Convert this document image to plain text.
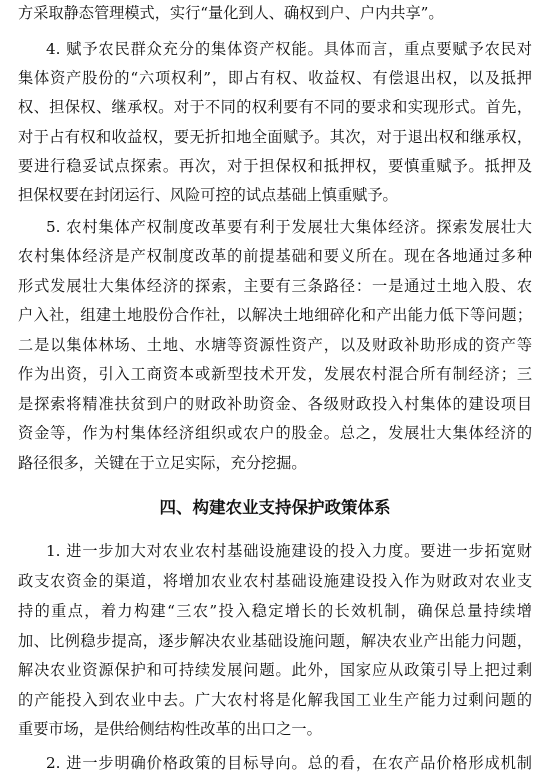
方采取静态管理模式，实行“量化到人、确权到户、户内共享”。
4. 赋予农民群众充分的集体资产权能。具体而言，重点要赋予农民对
集体资产股份的“六项权利”，即占有权、收益权、有偿退出权，以及抵押
权、担保权、继承权。对于不同的权利要有不同的要求和实现形式。首先，
对于占有权和收益权，要无折扣地全面赋予。其次，对于退出权和继承权，
要进行稳妥试点探索。再次，对于担保权和抵押权，要慎重赋予。抵押及
担保权要在封闭运行、风险可控的试点基础上慎重赋予。
5. 农村集体产权制度改革要有利于发展壮大集体经济。探索发展壮大
农村集体经济是产权制度改革的前提基础和要义所在。现在各地通过多种
形式发展壮大集体经济的探索，主要有三条路径：一是通过土地入股、农
户入社，组建土地股份合作社，以解决土地细碎化和产出能力低下等问题；
二是以集体林场、土地、水塘等资源性资产，以及财政补助形成的资产等
作为出资，引入工商资本或新型技术开发，发展农村混合所有制经济；三
是探索将精准扶贫到户的财政补助资金、各级财政投入村集体的建设项目
资金等，作为村集体经济组织或农户的股金。总之，发展壮大集体经济的
路径很多，关键在于立足实际，充分挖掘。
四、构建农业支持保护政策体系
1. 进一步加大对农业农村基础设施建设的投入力度。要进一步拓宽财
政支农资金的渠道，将增加农业农村基础设施建设投入作为财政对农业支
持的重点，着力构建“三农”投入稳定增长的长效机制，确保总量持续增
加、比例稳步提高，逐步解决农业基础设施问题，解决农业产出能力问题，
解决农业资源保护和可持续发展问题。此外，国家应从政策引导上把过剩
的产能投入到农业中去。广大农村将是化解我国工业生产能力过剩问题的
重要市场，是供给侧结构性改革的出口之一。
2. 进一步明确价格政策的目标导向。总的看，在农产品价格形成机制
